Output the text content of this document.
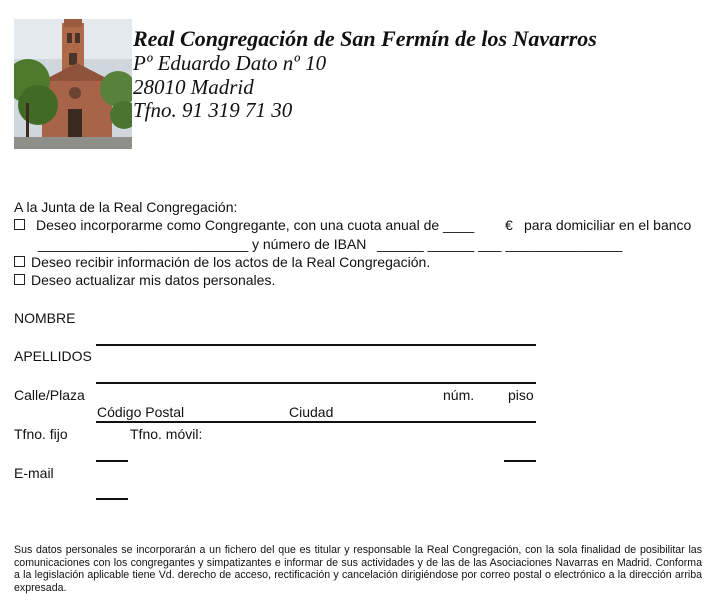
Real Congregación de San Fermín de los Navarros
Pº Eduardo Dato nº 10
28010 Madrid
Tfno. 91 319 71 30
A la Junta de la Real Congregación:
Deseo incorporarme como Congregante, con una cuota anual de ____ € para domiciliar en el banco
___________________________ y número de IBAN ______ ______ ___ _______________
Deseo recibir información de los actos de la Real Congregación.
Deseo actualizar mis datos personales.
NOMBRE
APELLIDOS
Calle/Plaza	núm. piso
Código Postal	Ciudad
Tfno. fijo	Tfno. móvil:
E-mail
Sus datos personales se incorporarán a un fichero del que es titular y responsable la Real Congregación, con la sola finalidad de posibilitar las comunicaciones con los congregantes y simpatizantes e informar de sus actividades y de las de las Asociaciones Navarras en Madrid. Conforma a la legislación aplicable tiene Vd. derecho de acceso, rectificación y cancelación dirigiéndose por correo postal o electrónico a la dirección arriba expresada.
